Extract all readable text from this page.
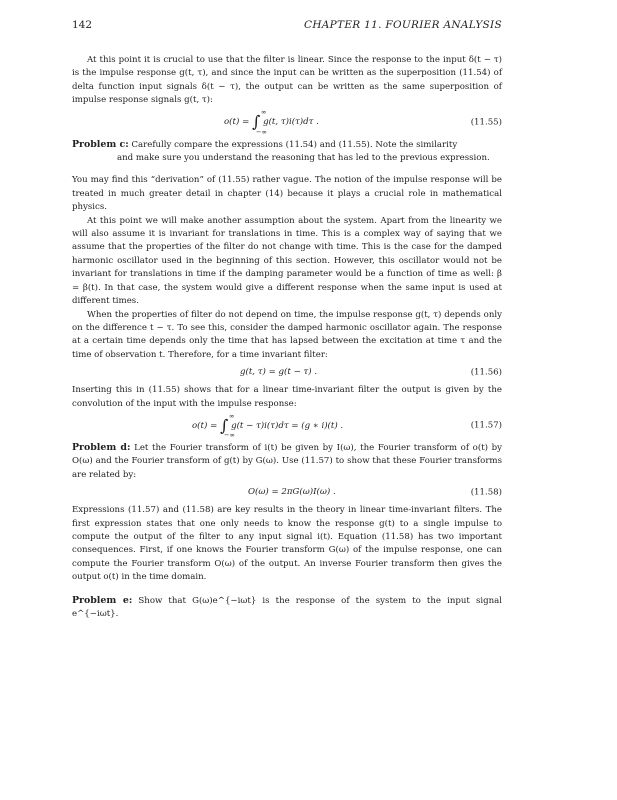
142	CHAPTER 11. FOURIER ANALYSIS

At this point it is crucial to use that the filter is linear. Since the response to the input δ(t − τ) is the impulse response g(t, τ), and since the input can be written as the superposition (11.54) of delta function input signals δ(t − τ), the output can be written as the same superposition of impulse response signals g(t, τ):

o(t) = ∫ ∞
−∞
g(t, τ)i(τ)dτ .	(11.55)

Problem c: Carefully compare the expressions (11.54) and (11.55). Note the similarity

and make sure you understand the reasoning that has led to the previous expression.

You may find this “derivation” of (11.55) rather vague. The notion of the impulse response will be treated in much greater detail in chapter (14) because it plays a crucial role in mathematical physics.

At this point we will make another assumption about the system. Apart from the linearity we will also assume it is invariant for translations in time. This is a complex way of saying that we assume that the properties of the filter do not change with time. This is the case for the damped harmonic oscillator used in the beginning of this section. However, this oscillator would not be invariant for translations in time if the damping parameter would be a function of time as well: β = β(t). In that case, the system would give a different response when the same input is used at different times.

When the properties of filter do not depend on time, the impulse response g(t, τ) depends only on the difference t − τ. To see this, consider the damped harmonic oscillator again. The response at a certain time depends only the time that has lapsed between the excitation at time τ and the time of observation t. Therefore, for a time invariant filter:

g(t, τ) = g(t − τ) .	(11.56)

Inserting this in (11.55) shows that for a linear time-invariant filter the output is given by the convolution of the input with the impulse response:

o(t) = ∫ ∞
−∞
g(t − τ)i(τ)dτ = (g ∗ i)(t) .	(11.57)

Problem d: Let the Fourier transform of i(t) be given by I(ω), the Fourier transform of o(t) by O(ω) and the Fourier transform of g(t) by G(ω). Use (11.57) to show that these Fourier transforms are related by:

O(ω) = 2πG(ω)I(ω) .	(11.58)

Expressions (11.57) and (11.58) are key results in the theory in linear time-invariant filters. The first expression states that one only needs to know the response g(t) to a single impulse to compute the output of the filter to any input signal i(t). Equation (11.58) has two important consequences. First, if one knows the Fourier transform G(ω) of the impulse response, one can compute the Fourier transform O(ω) of the output. An inverse Fourier transform then gives the output o(t) in the time domain.

Problem e: Show that G(ω)e^{−iωt} is the response of the system to the input signal e^{−iωt}.
